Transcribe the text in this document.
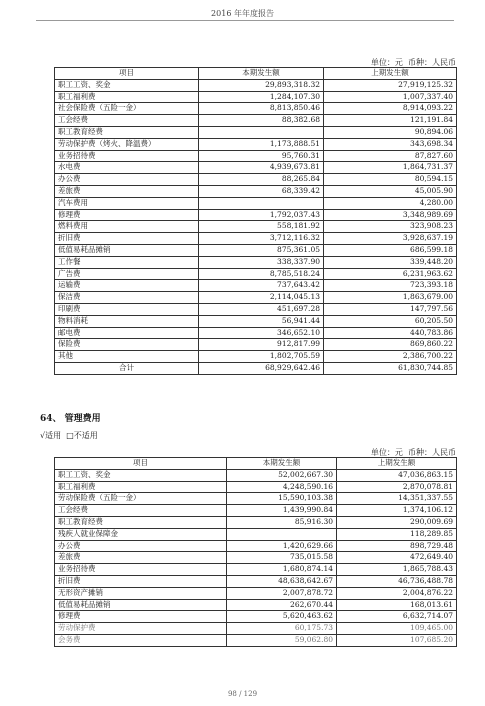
2016 年年度报告
单位：元 币种：人民币
项目	本期发生额	上期发生额
职工工资、奖金	29,893,318.32	27,919,125.32
职工福利费	1,284,107.30	1,007,337.40
社会保险费（五险一金）	8,813,850.46	8,914,093.22
工会经费	88,382.68	121,191.84
职工教育经费		90,894.06
劳动保护费（烤火、降温费）	1,173,888.51	343,698.34
业务招待费	95,760.31	87,827.60
水电费	4,939,673.81	1,864,731.37
办公费	88,265.84	80,594.15
差旅费	68,339.42	45,005.90
汽车费用		4,280.00
修理费	1,792,037.43	3,348,989.69
燃料费用	558,181.92	323,908.23
折旧费	3,712,116.32	3,928,637.19
低值易耗品摊销	875,361.05	686,599.18
工作餐	338,337.90	339,448.20
广告费	8,785,518.24	6,231,963.62
运输费	737,643.42	723,393.18
保洁费	2,114,045.13	1,863,679.00
印刷费	451,697.28	147,797.56
物料消耗	56,941.44	60,205.50
邮电费	346,652.10	440,783.86
保险费	912,817.99	869,860.22
其他	1,802,705.59	2,386,700.22
合计	68,929,642.46	61,830,744.85
64、 管理费用
√适用 □不适用
单位：元 币种：人民币
项目	本期发生额	上期发生额
职工工资、奖金	52,002,667.30	47,036,863.15
职工福利费	4,248,590.16	2,870,078.81
劳动保险费（五险一金）	15,590,103.38	14,351,337.55
工会经费	1,439,990.84	1,374,106.12
职工教育经费	85,916.30	290,009.69
残疾人就业保障金		118,289.85
办公费	1,420,629.66	898,729.48
差旅费	735,015.58	472,649.40
业务招待费	1,680,874.14	1,865,788.43
折旧费	48,638,642.67	46,736,488.78
无形资产摊销	2,007,878.72	2,004,876.22
低值易耗品摊销	262,670.44	168,013.61
修理费	5,620,463.62	6,632,714.07
劳动保护费	60,175.73	109,465.00
会务费	59,062.80	107,685.20
98 / 129
